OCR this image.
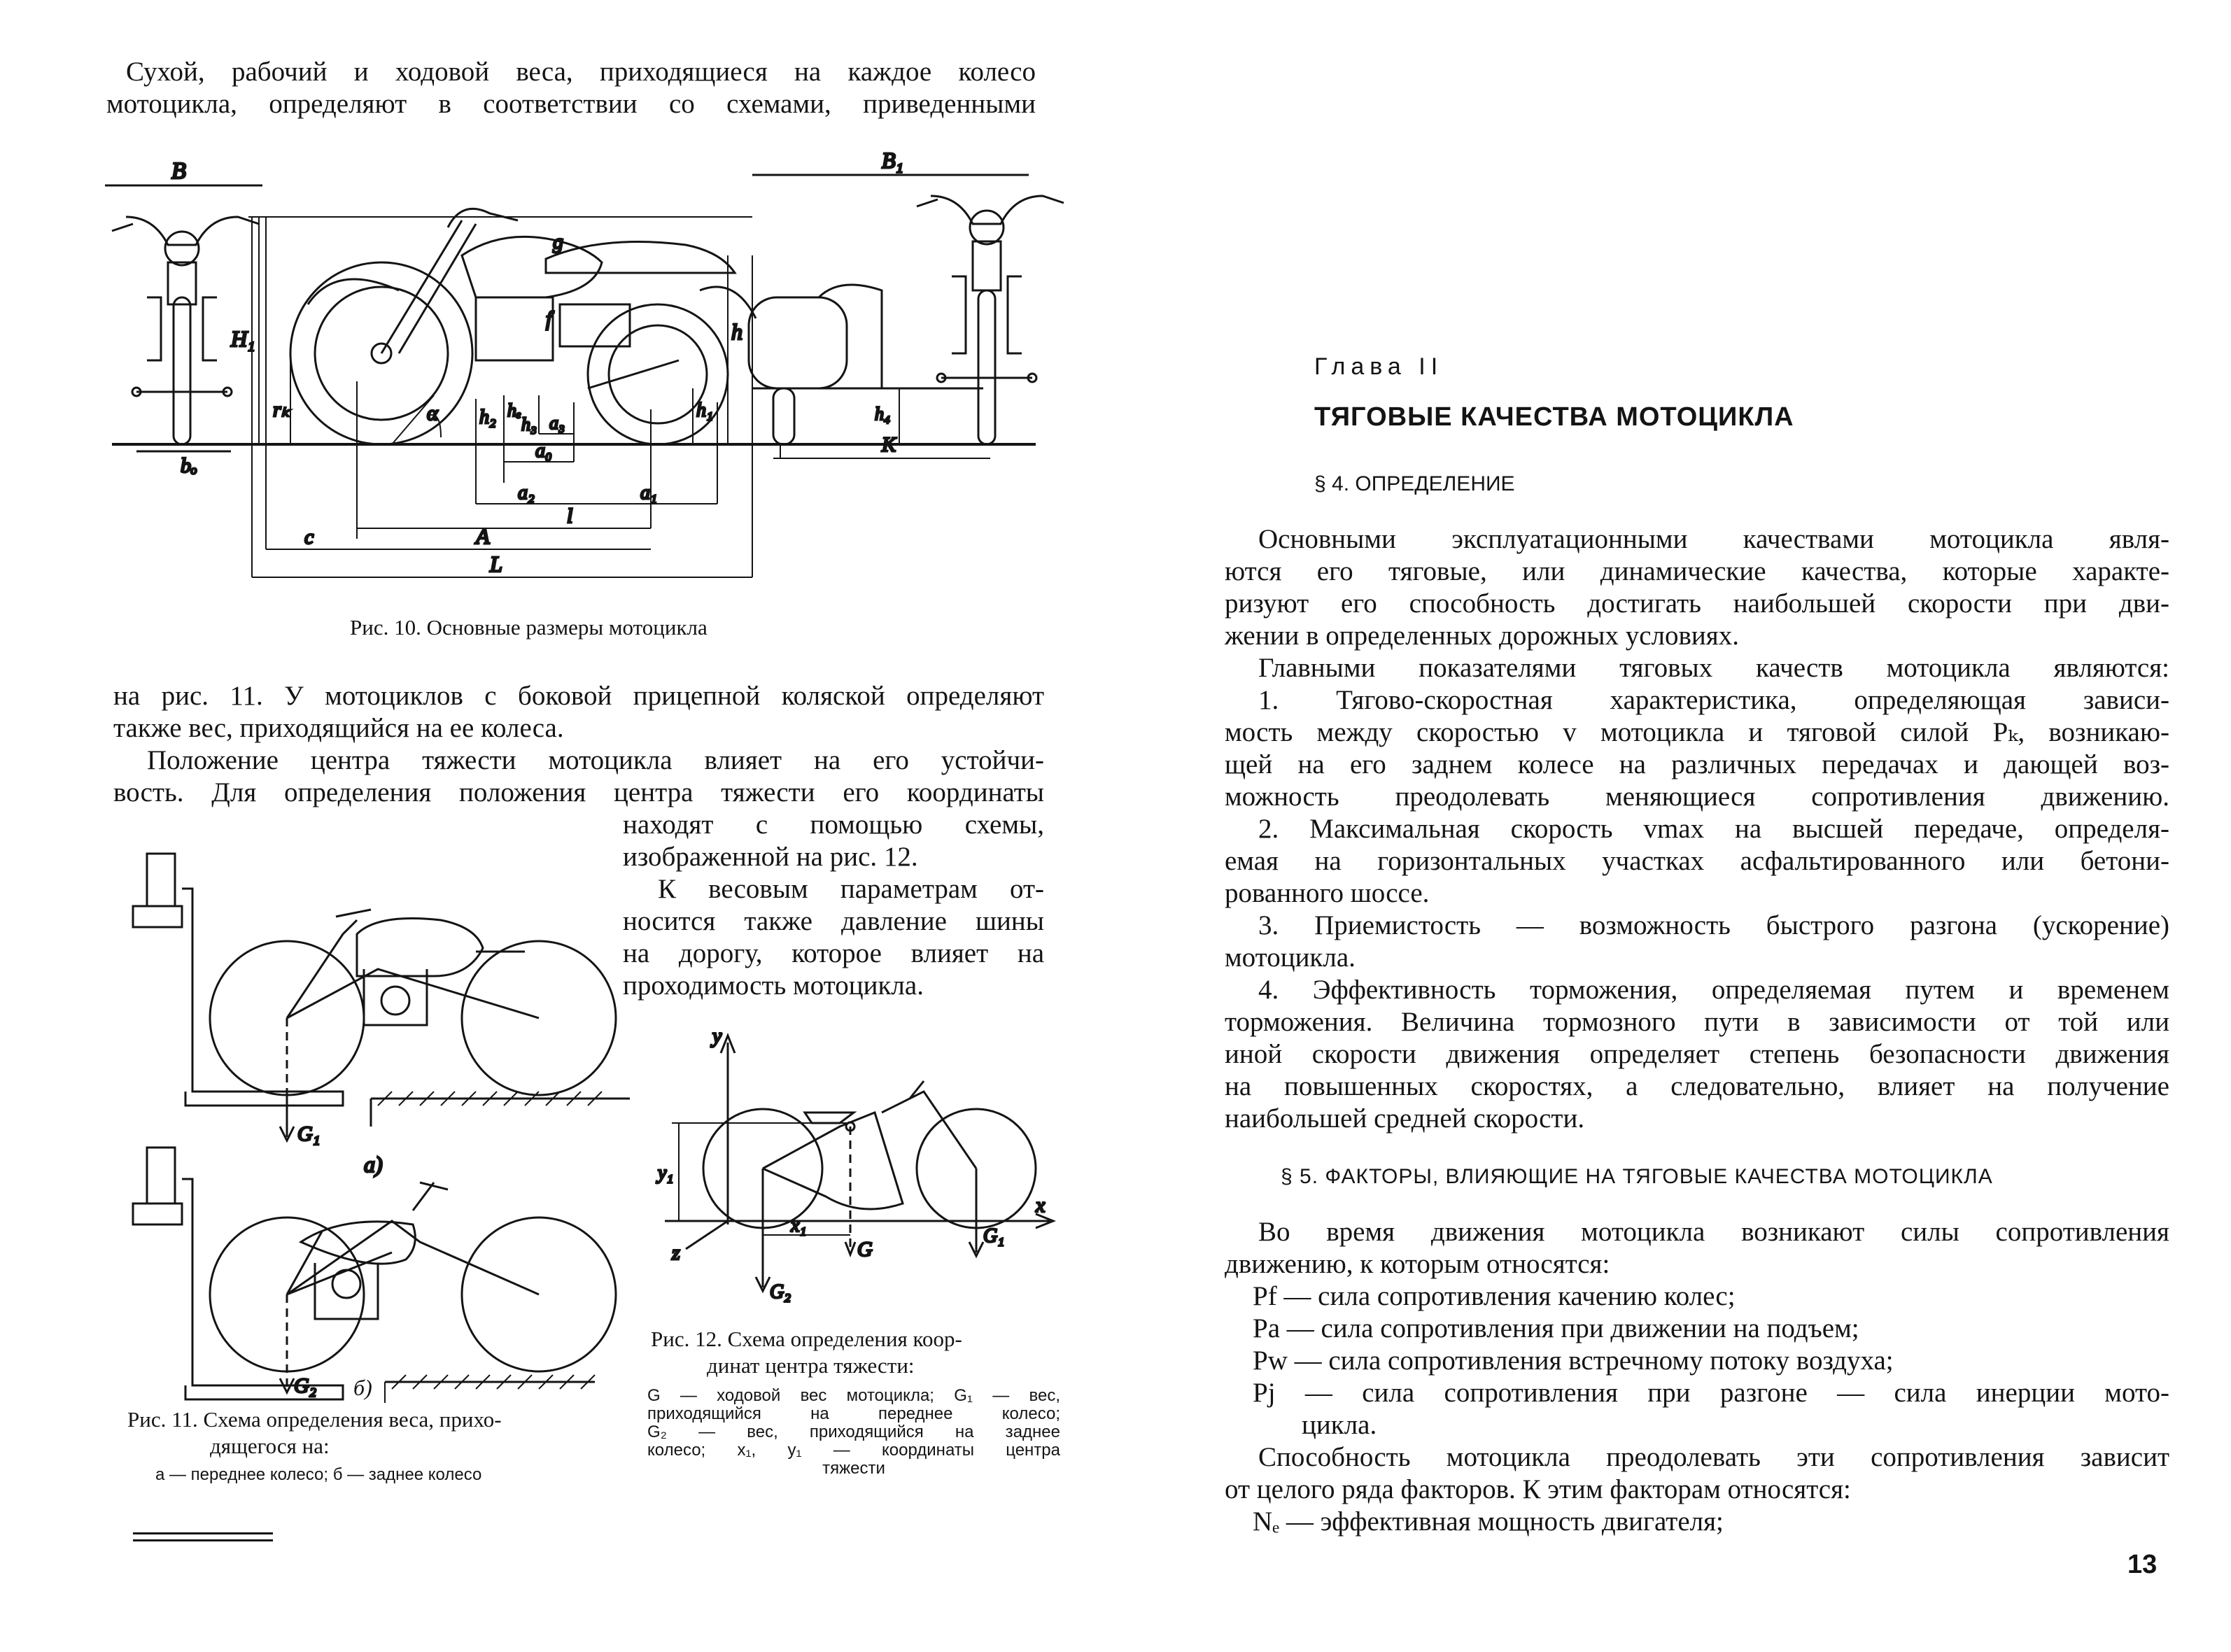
Сухой, рабочий и ходовой веса, приходящиеся на каждое колесо
мотоцикла, определяют в соответствии со схемами, приведенными
B
bₒ
H₁
rₖ
g
f
h
h₁
h₂ hₑ
h₃
α	a₃
a₀
a₂	a₁
l
c	A
L
B₁
K
h₄
Рис. 10. Основные размеры мотоцикла
на рис. 11. У мотоциклов с боковой прицепной коляской определяют
также вес, приходящийся на ее колеса.
Положение центра тяжести мотоцикла влияет на его устойчи-
вость. Для определения положения центра тяжести его координаты
находят с помощью схемы,
изображенной на рис. 12.
К весовым параметрам от-
носится также давление шины
на дорогу, которое влияет на
проходимость мотоцикла.
G₁
а)
G₂ б)
Рис. 11. Схема определения веса, прихо-
дящегося на:
а — переднее колесо; б — заднее колесо
y
x
z
y₁
x₁
G
G₁
G₂
Рис. 12. Схема определения коор-
динат центра тяжести:
G — ходовой вес мотоцикла; G₁ — вес,
приходящийся на переднее колесо;
G₂ — вес, приходящийся на заднее
колесо; x₁, y₁ — координаты центра
тяжести
Глава II
ТЯГОВЫЕ КАЧЕСТВА МОТОЦИКЛА
§ 4. ОПРЕДЕЛЕНИЕ
Основными эксплуатационными качествами мотоцикла явля-
ются его тяговые, или динамические качества, которые характе-
ризуют его способность достигать наибольшей скорости при дви-
жении в определенных дорожных условиях.
Главными показателями тяговых качеств мотоцикла являются:
1. Тягово-скоростная характеристика, определяющая зависи-
мость между скоростью v мотоцикла и тяговой силой Pₖ, возникаю-
щей на его заднем колесе на различных передачах и дающей воз-
можность преодолевать меняющиеся сопротивления движению.
2. Максимальная скорость vmax на высшей передаче, определя-
емая на горизонтальных участках асфальтированного или бетони-
рованного шоссе.
3. Приемистость — возможность быстрого разгона (ускорение)
мотоцикла.
4. Эффективность торможения, определяемая путем и временем
торможения. Величина тормозного пути в зависимости от той или
иной скорости движения определяет степень безопасности движения
на повышенных скоростях, а следовательно, влияет на получение
наибольшей средней скорости.
§ 5. ФАКТОРЫ, ВЛИЯЮЩИЕ НА ТЯГОВЫЕ КАЧЕСТВА МОТОЦИКЛА
Во время движения мотоцикла возникают силы сопротивления
движению, к которым относятся:
Pf — сила сопротивления качению колес;
Pa — сила сопротивления при движении на подъем;
Pw — сила сопротивления встречному потоку воздуха;
Pj — сила сопротивления при разгоне — сила инерции мото-
цикла.
Способность мотоцикла преодолевать эти сопротивления зависит
от целого ряда факторов. К этим факторам относятся:
Nₑ — эффективная мощность двигателя;
13
